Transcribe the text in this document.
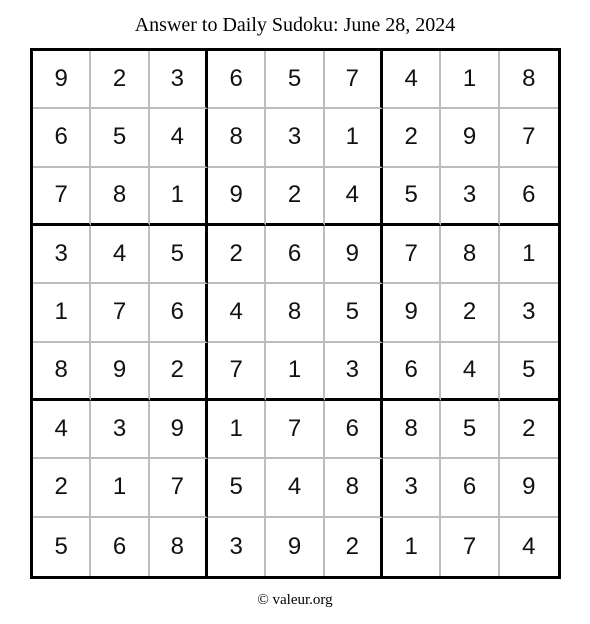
Answer to Daily Sudoku: June 28, 2024
9	2	3	6	5	7	4	1	8
6	5	4	8	3	1	2	9	7
7	8	1	9	2	4	5	3	6
3	4	5	2	6	9	7	8	1
1	7	6	4	8	5	9	2	3
8	9	2	7	1	3	6	4	5
4	3	9	1	7	6	8	5	2
2	1	7	5	4	8	3	6	9
5	6	8	3	9	2	1	7	4
© valeur.org
